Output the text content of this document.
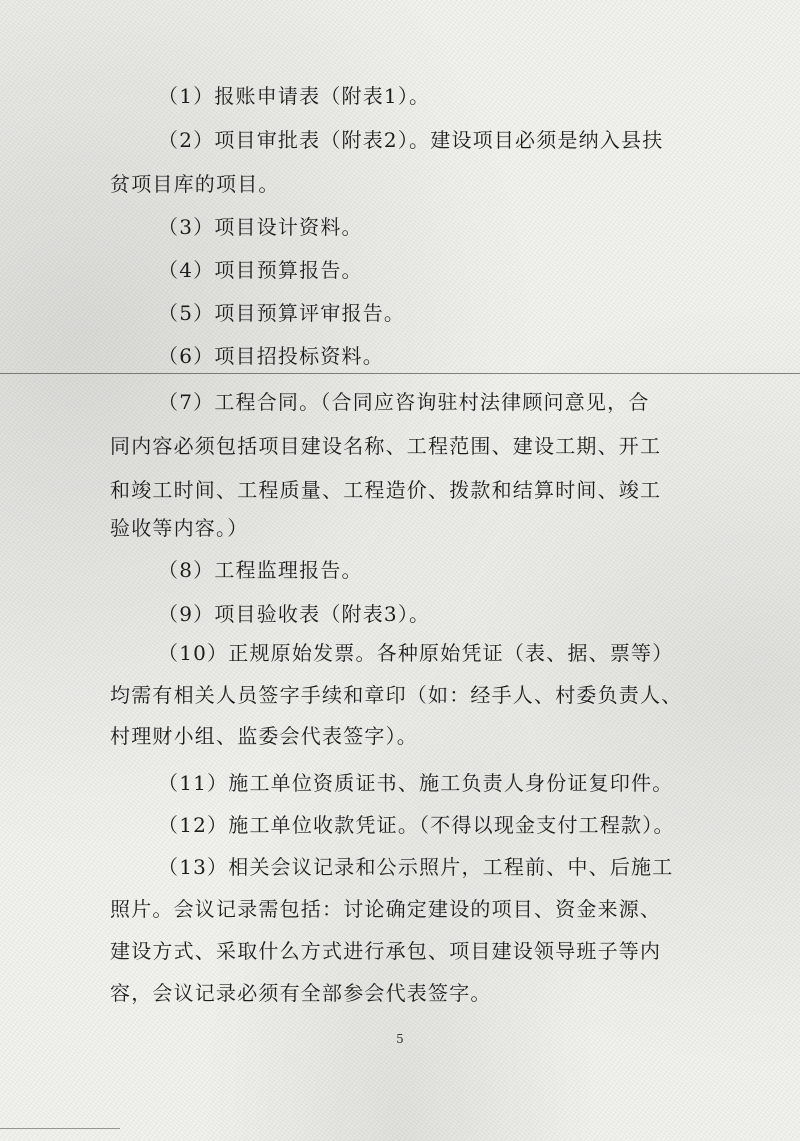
（1）报账申请表（附表1）。
（2）项目审批表（附表2）。建设项目必须是纳入县扶
贫项目库的项目。
（3）项目设计资料。
（4）项目预算报告。
（5）项目预算评审报告。
（6）项目招投标资料。
（7）工程合同。（合同应咨询驻村法律顾问意见，合
同内容必须包括项目建设名称、工程范围、建设工期、开工
和竣工时间、工程质量、工程造价、拨款和结算时间、竣工
验收等内容。）
（8）工程监理报告。
（9）项目验收表（附表3）。
（10）正规原始发票。各种原始凭证（表、据、票等）
均需有相关人员签字手续和章印（如：经手人、村委负责人、
村理财小组、监委会代表签字）。
（11）施工单位资质证书、施工负责人身份证复印件。
（12）施工单位收款凭证。（不得以现金支付工程款）。
（13）相关会议记录和公示照片，工程前、中、后施工
照片。会议记录需包括：讨论确定建设的项目、资金来源、
建设方式、采取什么方式进行承包、项目建设领导班子等内
容，会议记录必须有全部参会代表签字。
5
